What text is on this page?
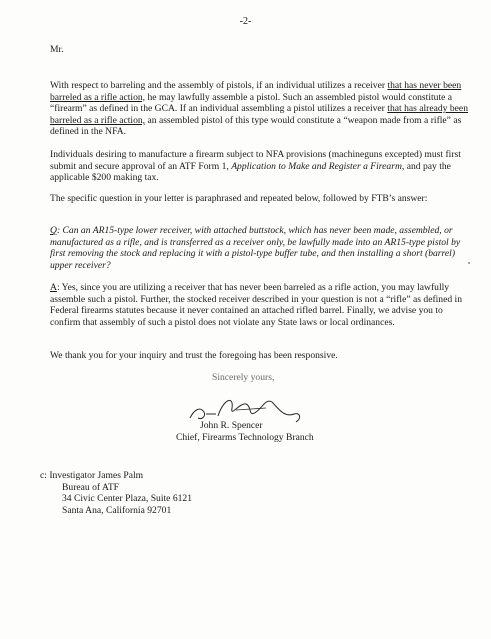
-2-
Mr.
With respect to barreling and the assembly of pistols, if an individual utilizes a receiver that has never been barreled as a rifle action, he may lawfully assemble a pistol. Such an assembled pistol would constitute a “firearm” as defined in the GCA. If an individual assembling a pistol utilizes a receiver that has already been barreled as a rifle action, an assembled pistol of this type would constitute a “weapon made from a rifle” as defined in the NFA.
Individuals desiring to manufacture a firearm subject to NFA provisions (machineguns excepted) must first submit and secure approval of an ATF Form 1, Application to Make and Register a Firearm, and pay the applicable $200 making tax.
The specific question in your letter is paraphrased and repeated below, followed by FTB’s answer:
Q: Can an AR15-type lower receiver, with attached buttstock, which has never been made, assembled, or manufactured as a rifle, and is transferred as a receiver only, be lawfully made into an AR15-type pistol by first removing the stock and replacing it with a pistol-type buffer tube, and then installing a short (barrel) upper receiver?
A: Yes, since you are utilizing a receiver that has never been barreled as a rifle action, you may lawfully assemble such a pistol. Further, the stocked receiver described in your question is not a “rifle” as defined in Federal firearms statutes because it never contained an attached rifled barrel. Finally, we advise you to confirm that assembly of such a pistol does not violate any State laws or local ordinances.
We thank you for your inquiry and trust the foregoing has been responsive.
Sincerely yours,
John R. Spencer
Chief, Firearms Technology Branch
c: Investigator James Palm
Bureau of ATF
34 Civic Center Plaza, Suite 6121
Santa Ana, California 92701
